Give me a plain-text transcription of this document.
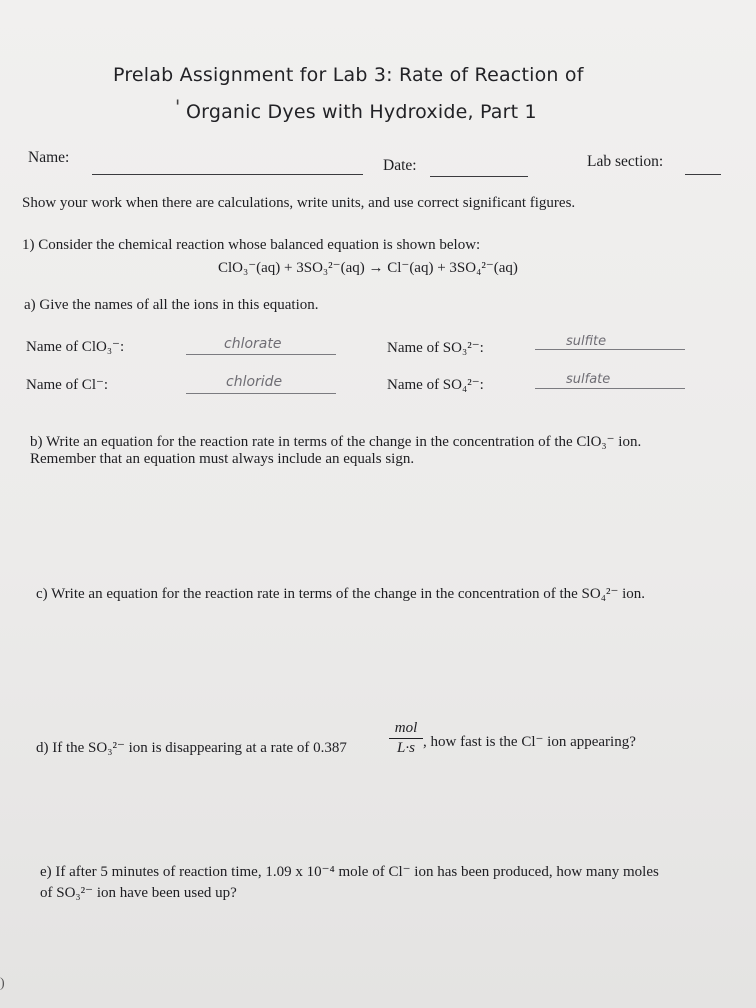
Prelab Assignment for Lab 3: Rate of Reaction of
' Organic Dyes with Hydroxide, Part 1
Name:	Date:	Lab section:
Show your work when there are calculations, write units, and use correct significant figures.
1) Consider the chemical reaction whose balanced equation is shown below:
ClO₃⁻(aq) + 3SO₃²⁻(aq) → Cl⁻(aq) + 3SO₄²⁻(aq)
a) Give the names of all the ions in this equation.
Name of ClO₃⁻:	chlorate	Name of SO₃²⁻:	sulfite
Name of Cl⁻:	chloride	Name of SO₄²⁻:	sulfate
b) Write an equation for the reaction rate in terms of the change in the concentration of the ClO₃⁻ ion.
Remember that an equation must always include an equals sign.
c) Write an equation for the reaction rate in terms of the change in the concentration of the SO₄²⁻ ion.
d) If the SO₃²⁻ ion is disappearing at a rate of 0.387
mol
L·s , how fast is the Cl⁻ ion appearing?
e) If after 5 minutes of reaction time, 1.09 x 10⁻⁴ mole of Cl⁻ ion has been produced, how many moles
of SO₃²⁻ ion have been used up?
)
